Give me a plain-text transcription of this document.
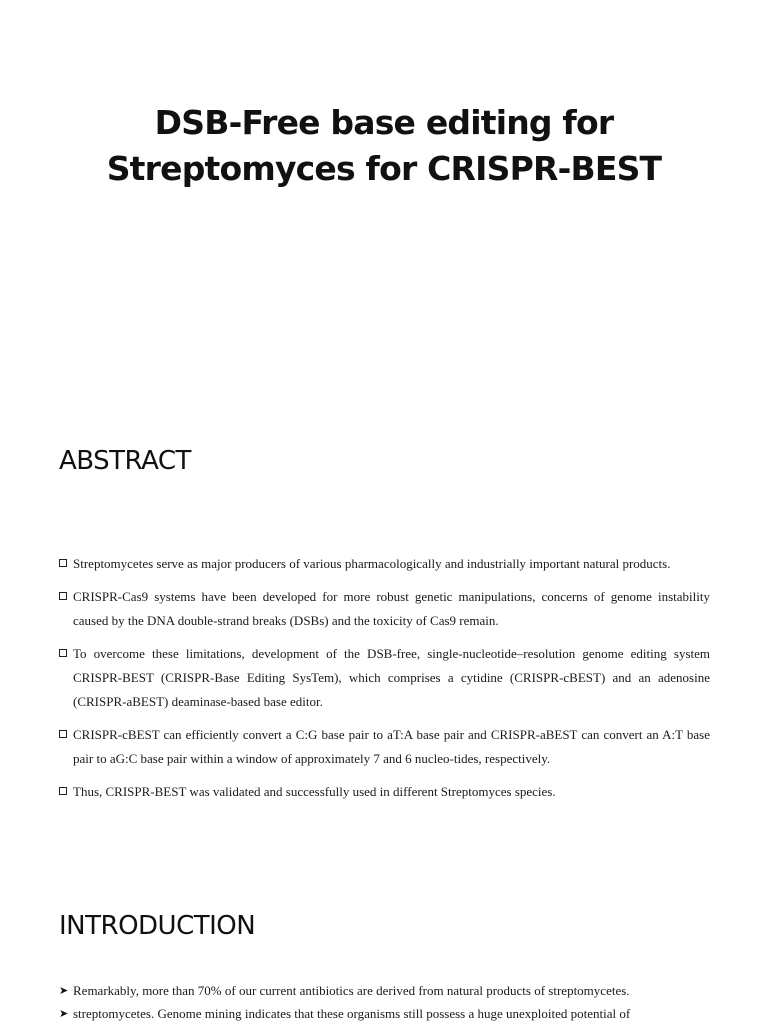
DSB-Free base editing for
Streptomyces for CRISPR-BEST
ABSTRACT
Streptomycetes serve as major producers of various pharmacologically and industrially important natural products.
CRISPR-Cas9 systems have been developed for more robust genetic manipulations, concerns of genome instability caused by the DNA double-strand breaks (DSBs) and the toxicity of Cas9 remain.
To overcome these limitations, development of the DSB-free, single-nucleotide–resolution genome editing system CRISPR-BEST (CRISPR-Base Editing SysTem), which comprises a cytidine (CRISPR-cBEST) and an adenosine (CRISPR-aBEST) deaminase-based base editor.
CRISPR-cBEST can efficiently convert a C:G base pair to aT:A base pair and CRISPR-aBEST can convert an A:T base pair to aG:C base pair within a window of approximately 7 and 6 nucleo-tides, respectively.
Thus, CRISPR-BEST was validated and successfully used in different Streptomyces species.
INTRODUCTION
➤ Remarkably, more than 70% of our current antibiotics are derived from natural products of streptomycetes.
➤ streptomycetes. Genome mining indicates that these organisms still possess a huge unexploited potential of
